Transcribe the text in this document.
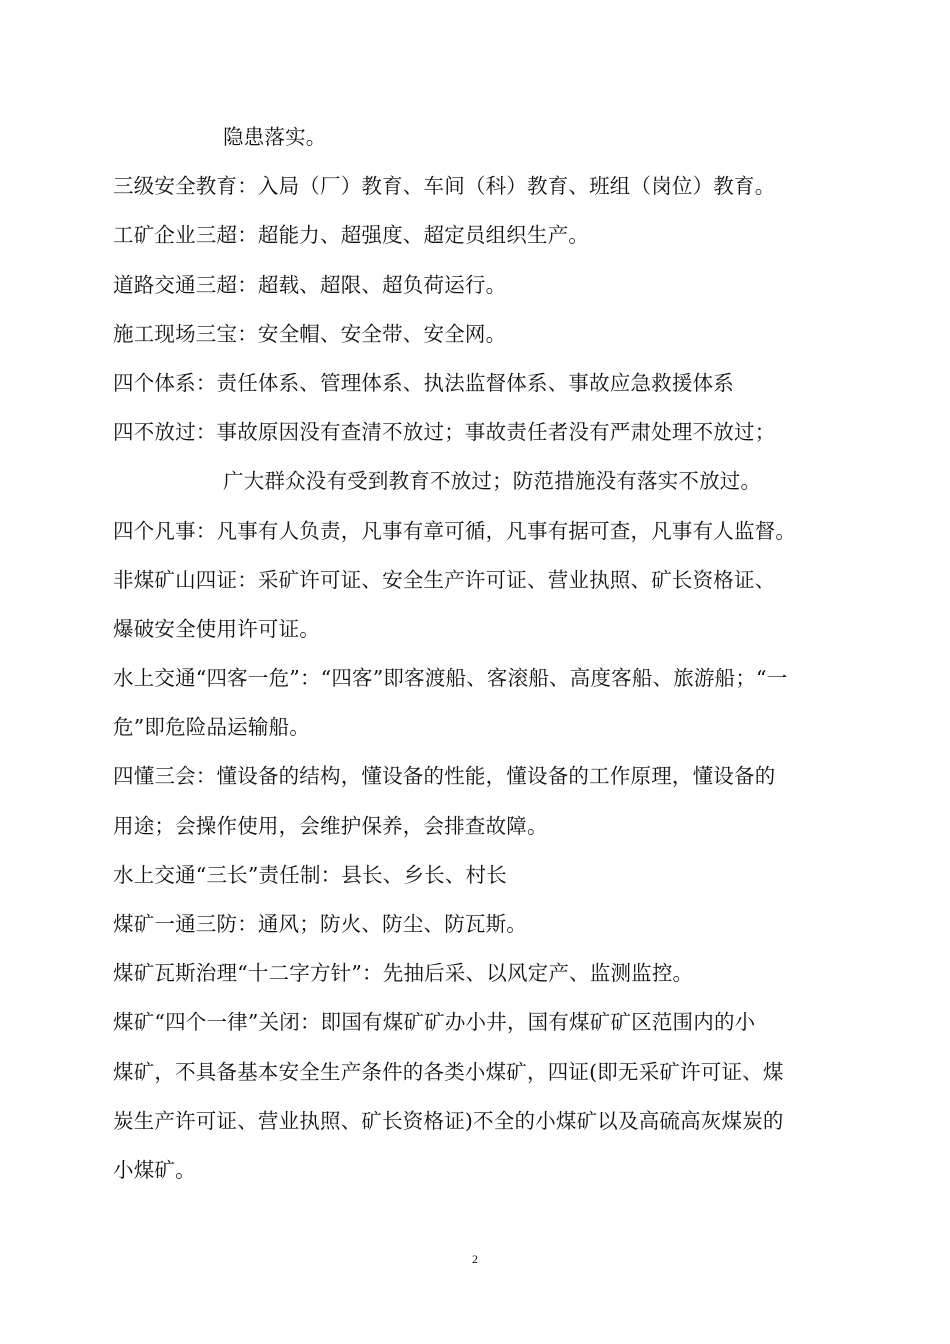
隐患落实。
三级安全教育：入局（厂）教育、车间（科）教育、班组（岗位）教育。
工矿企业三超：超能力、超强度、超定员组织生产。
道路交通三超：超载、超限、超负荷运行。
施工现场三宝：安全帽、安全带、安全网。
四个体系：责任体系、管理体系、执法监督体系、事故应急救援体系
四不放过：事故原因没有查清不放过；事故责任者没有严肃处理不放过；
广大群众没有受到教育不放过；防范措施没有落实不放过。
四个凡事：凡事有人负责，凡事有章可循，凡事有据可查，凡事有人监督。
非煤矿山四证：采矿许可证、安全生产许可证、营业执照、矿长资格证、
爆破安全使用许可证。
水上交通“四客一危”：“四客”即客渡船、客滚船、高度客船、旅游船；“一
危”即危险品运输船。
四懂三会：懂设备的结构，懂设备的性能，懂设备的工作原理，懂设备的
用途；会操作使用，会维护保养，会排查故障。
水上交通“三长”责任制：县长、乡长、村长
煤矿一通三防：通风；防火、防尘、防瓦斯。
煤矿瓦斯治理“十二字方针”：先抽后采、以风定产、监测监控。
煤矿“四个一律”关闭：即国有煤矿矿办小井，国有煤矿矿区范围内的小
煤矿，不具备基本安全生产条件的各类小煤矿，四证(即无采矿许可证、煤
炭生产许可证、营业执照、矿长资格证)不全的小煤矿以及高硫高灰煤炭的
小煤矿。
2
